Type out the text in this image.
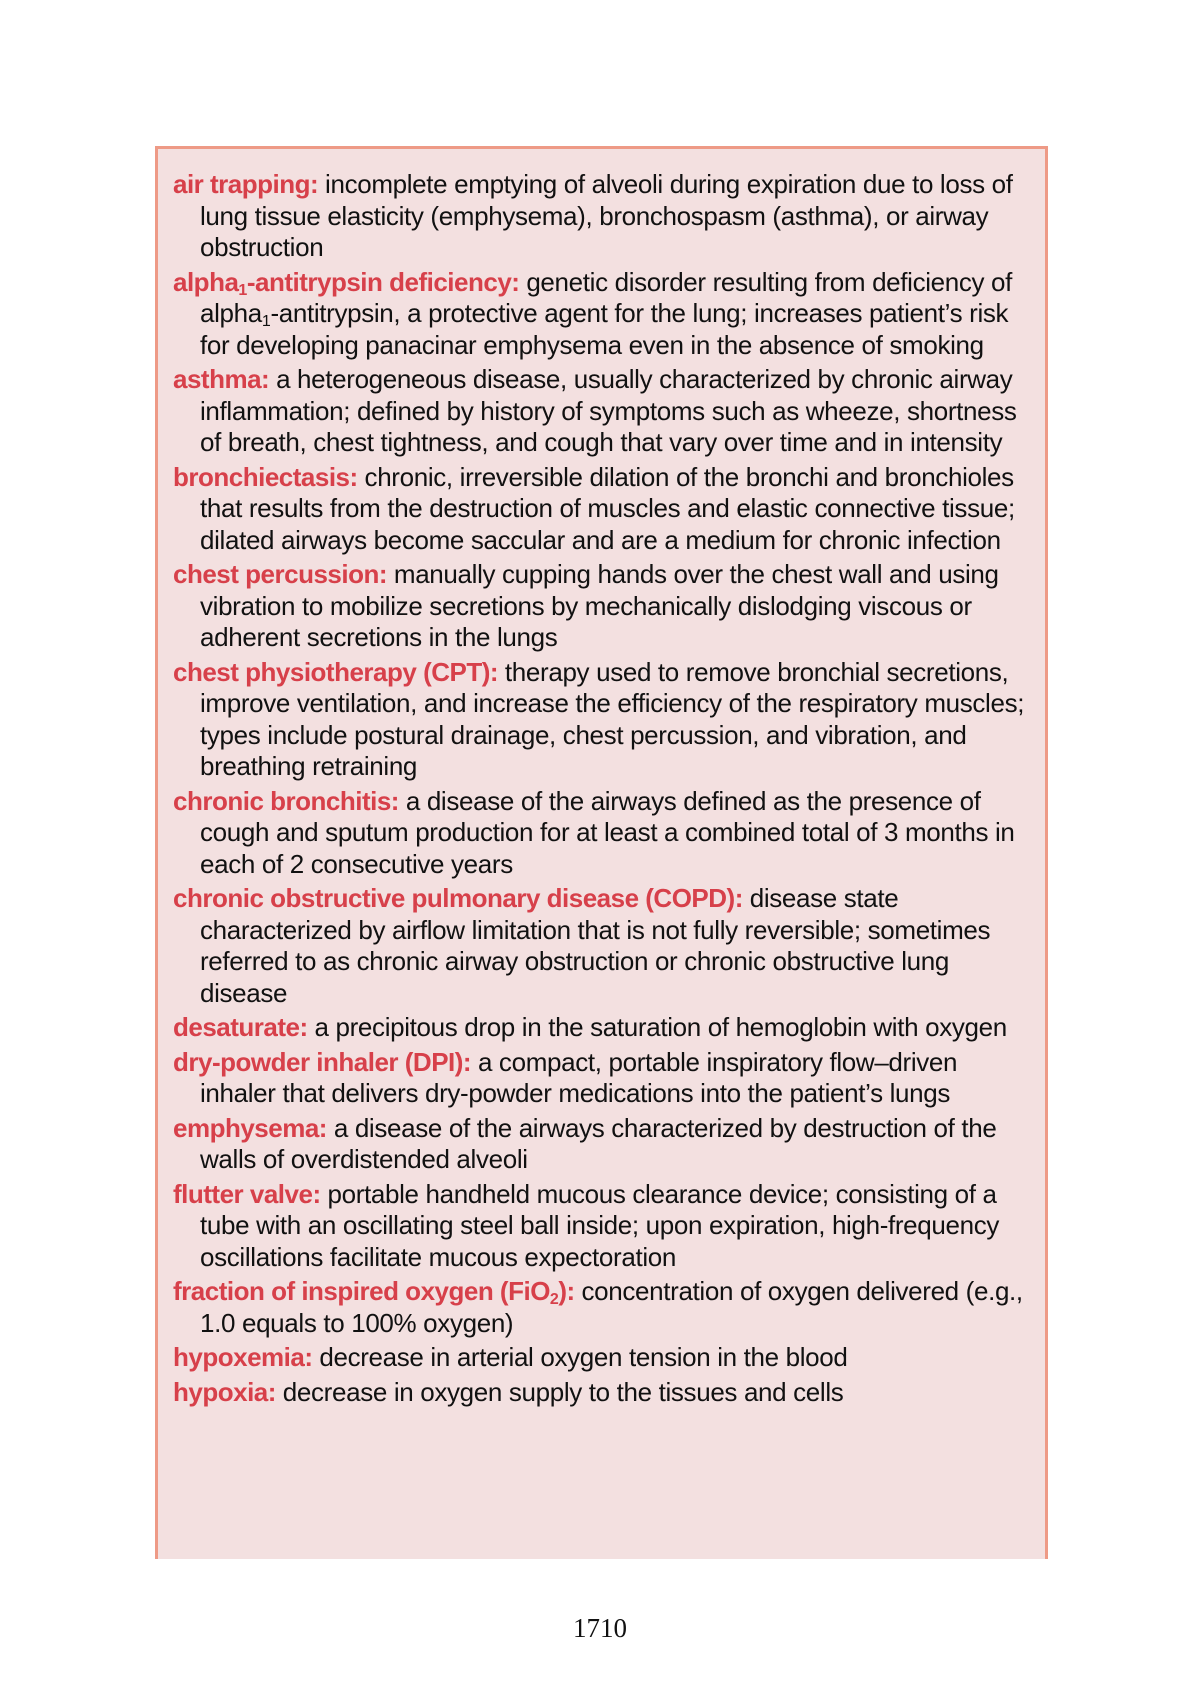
air trapping: incomplete emptying of alveoli during expiration due to loss of lung tissue elasticity (emphysema), bronchospasm (asthma), or airway obstruction

alpha$_1$-antitrypsin deficiency: genetic disorder resulting from deficiency of alpha$_1$-antitrypsin, a protective agent for the lung; increases patient’s risk for developing panacinar emphysema even in the absence of smoking

asthma: a heterogeneous disease, usually characterized by chronic airway inflammation; defined by history of symptoms such as wheeze, shortness of breath, chest tightness, and cough that vary over time and in intensity

bronchiectasis: chronic, irreversible dilation of the bronchi and bronchioles that results from the destruction of muscles and elastic connective tissue; dilated airways become saccular and are a medium for chronic infection

chest percussion: manually cupping hands over the chest wall and using vibration to mobilize secretions by mechanically dislodging viscous or adherent secretions in the lungs

chest physiotherapy (CPT): therapy used to remove bronchial secretions, improve ventilation, and increase the efficiency of the respiratory muscles; types include postural drainage, chest percussion, and vibration, and breathing retraining

chronic bronchitis: a disease of the airways defined as the presence of cough and sputum production for at least a combined total of 3 months in each of 2 consecutive years

chronic obstructive pulmonary disease (COPD): disease state characterized by airflow limitation that is not fully reversible; sometimes referred to as chronic airway obstruction or chronic obstructive lung disease

desaturate: a precipitous drop in the saturation of hemoglobin with oxygen

dry-powder inhaler (DPI): a compact, portable inspiratory flow–driven inhaler that delivers dry-powder medications into the patient’s lungs

emphysema: a disease of the airways characterized by destruction of the walls of overdistended alveoli

flutter valve: portable handheld mucous clearance device; consisting of a tube with an oscillating steel ball inside; upon expiration, high-frequency oscillations facilitate mucous expectoration

fraction of inspired oxygen (FiO$_2$): concentration of oxygen delivered (e.g., 1.0 equals to 100% oxygen)

hypoxemia: decrease in arterial oxygen tension in the blood

hypoxia: decrease in oxygen supply to the tissues and cells

1710
